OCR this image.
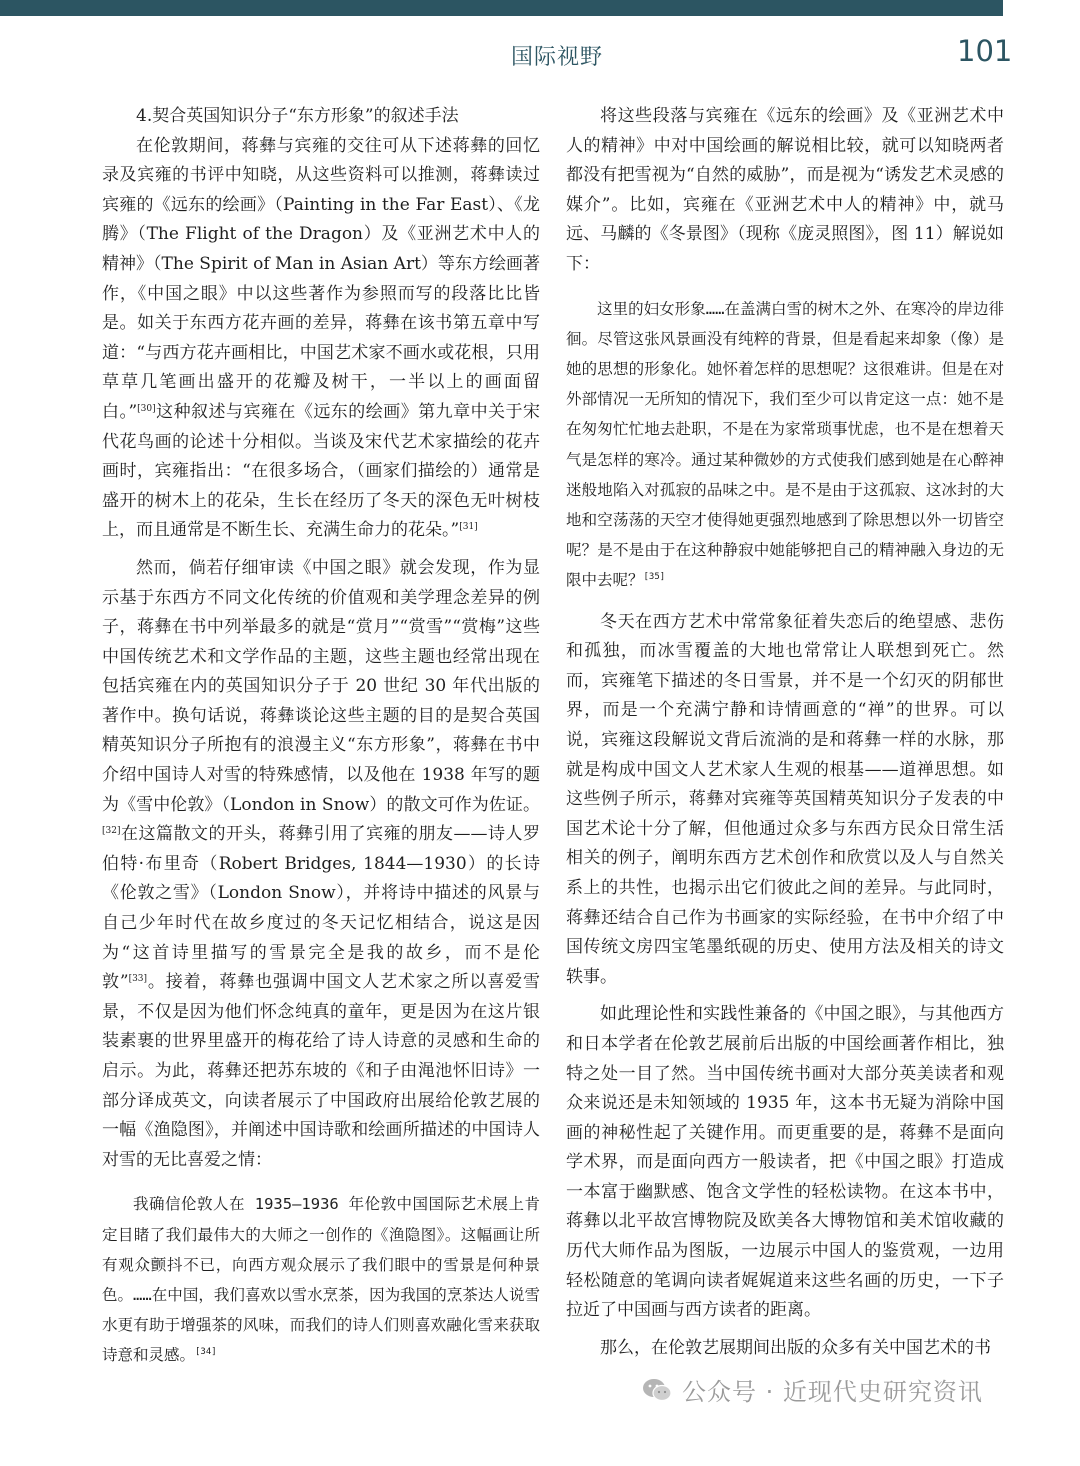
国际视野	101

4.契合英国知识分子“东方形象”的叙述手法

在伦敦期间，蒋彝与宾雍的交往可从下述蒋彝的回忆录及宾雍的书评中知晓，从这些资料可以推测，蒋彝读过宾雍的《远东的绘画》（Painting in the Far East）、《龙腾》（The Flight of the Dragon）及《亚洲艺术中人的精神》（The Spirit of Man in Asian Art）等东方绘画著作，《中国之眼》中以这些著作为参照而写的段落比比皆是。如关于东西方花卉画的差异，蒋彝在该书第五章中写道：“与西方花卉画相比，中国艺术家不画水或花根，只用草草几笔画出盛开的花瓣及树干，一半以上的画面留白。”[30]这种叙述与宾雍在《远东的绘画》第九章中关于宋代花鸟画的论述十分相似。当谈及宋代艺术家描绘的花卉画时，宾雍指出：“在很多场合，（画家们描绘的）通常是盛开的树木上的花朵，生长在经历了冬天的深色无叶树枝上，而且通常是不断生长、充满生命力的花朵。”[31]

然而，倘若仔细审读《中国之眼》就会发现，作为显示基于东西方不同文化传统的价值观和美学理念差异的例子，蒋彝在书中列举最多的就是“赏月”“赏雪”“赏梅”这些中国传统艺术和文学作品的主题，这些主题也经常出现在包括宾雍在内的英国知识分子于 20 世纪 30 年代出版的著作中。换句话说，蒋彝谈论这些主题的目的是契合英国精英知识分子所抱有的浪漫主义“东方形象”，蒋彝在书中介绍中国诗人对雪的特殊感情，以及他在 1938 年写的题为《雪中伦敦》（London in Snow）的散文可作为佐证。[32]在这篇散文的开头，蒋彝引用了宾雍的朋友——诗人罗伯特·布里奇（Robert Bridges, 1844—1930）的长诗《伦敦之雪》（London Snow），并将诗中描述的风景与自己少年时代在故乡度过的冬天记忆相结合，说这是因为“这首诗里描写的雪景完全是我的故乡，而不是伦敦”[33]。接着，蒋彝也强调中国文人艺术家之所以喜爱雪景，不仅是因为他们怀念纯真的童年，更是因为在这片银装素裹的世界里盛开的梅花给了诗人诗意的灵感和生命的启示。为此，蒋彝还把苏东坡的《和子由渑池怀旧诗》一部分译成英文，向读者展示了中国政府出展给伦敦艺展的一幅《渔隐图》，并阐述中国诗歌和绘画所描述的中国诗人对雪的无比喜爱之情：

我确信伦敦人在 1935—1936 年伦敦中国国际艺术展上肯定目睹了我们最伟大的大师之一创作的《渔隐图》。这幅画让所有观众颤抖不已，向西方观众展示了我们眼中的雪景是何种景色。……在中国，我们喜欢以雪水烹茶，因为我国的烹茶达人说雪水更有助于增强茶的风味，而我们的诗人们则喜欢融化雪来获取诗意和灵感。[34]

将这些段落与宾雍在《远东的绘画》及《亚洲艺术中人的精神》中对中国绘画的解说相比较，就可以知晓两者都没有把雪视为“自然的威胁”，而是视为“诱发艺术灵感的媒介”。比如，宾雍在《亚洲艺术中人的精神》中，就马远、马麟的《冬景图》（现称《庞灵照图》，图 11）解说如下：

这里的妇女形象……在盖满白雪的树木之外、在寒冷的岸边徘徊。尽管这张风景画没有纯粹的背景，但是看起来却象（像）是她的思想的形象化。她怀着怎样的思想呢？这很难讲。但是在对外部情况一无所知的情况下，我们至少可以肯定这一点：她不是在匆匆忙忙地去赴职，不是在为家常琐事忧虑，也不是在想着天气是怎样的寒冷。通过某种微妙的方式使我们感到她是在心醉神迷般地陷入对孤寂的品味之中。是不是由于这孤寂、这冰封的大地和空荡荡的天空才使得她更强烈地感到了除思想以外一切皆空呢？是不是由于在这种静寂中她能够把自己的精神融入身边的无限中去呢？[35]

冬天在西方艺术中常常象征着失恋后的绝望感、悲伤和孤独，而冰雪覆盖的大地也常常让人联想到死亡。然而，宾雍笔下描述的冬日雪景，并不是一个幻灭的阴郁世界，而是一个充满宁静和诗情画意的“禅”的世界。可以说，宾雍这段解说文背后流淌的是和蒋彝一样的水脉，那就是构成中国文人艺术家人生观的根基——道禅思想。如这些例子所示，蒋彝对宾雍等英国精英知识分子发表的中国艺术论十分了解，但他通过众多与东西方民众日常生活相关的例子，阐明东西方艺术创作和欣赏以及人与自然关系上的共性，也揭示出它们彼此之间的差异。与此同时，蒋彝还结合自己作为书画家的实际经验，在书中介绍了中国传统文房四宝笔墨纸砚的历史、使用方法及相关的诗文轶事。

如此理论性和实践性兼备的《中国之眼》，与其他西方和日本学者在伦敦艺展前后出版的中国绘画著作相比，独特之处一目了然。当中国传统书画对大部分英美读者和观众来说还是未知领域的 1935 年，这本书无疑为消除中国画的神秘性起了关键作用。而更重要的是，蒋彝不是面向学术界，而是面向西方一般读者，把《中国之眼》打造成一本富于幽默感、饱含文学性的轻松读物。在这本书中，蒋彝以北平故宫博物院及欧美各大博物馆和美术馆收藏的历代大师作品为图版，一边展示中国人的鉴赏观，一边用轻松随意的笔调向读者娓娓道来这些名画的历史，一下子拉近了中国画与西方读者的距离。

那么，在伦敦艺展期间出版的众多有关中国艺术的书

公众号 · 近现代史研究资讯
